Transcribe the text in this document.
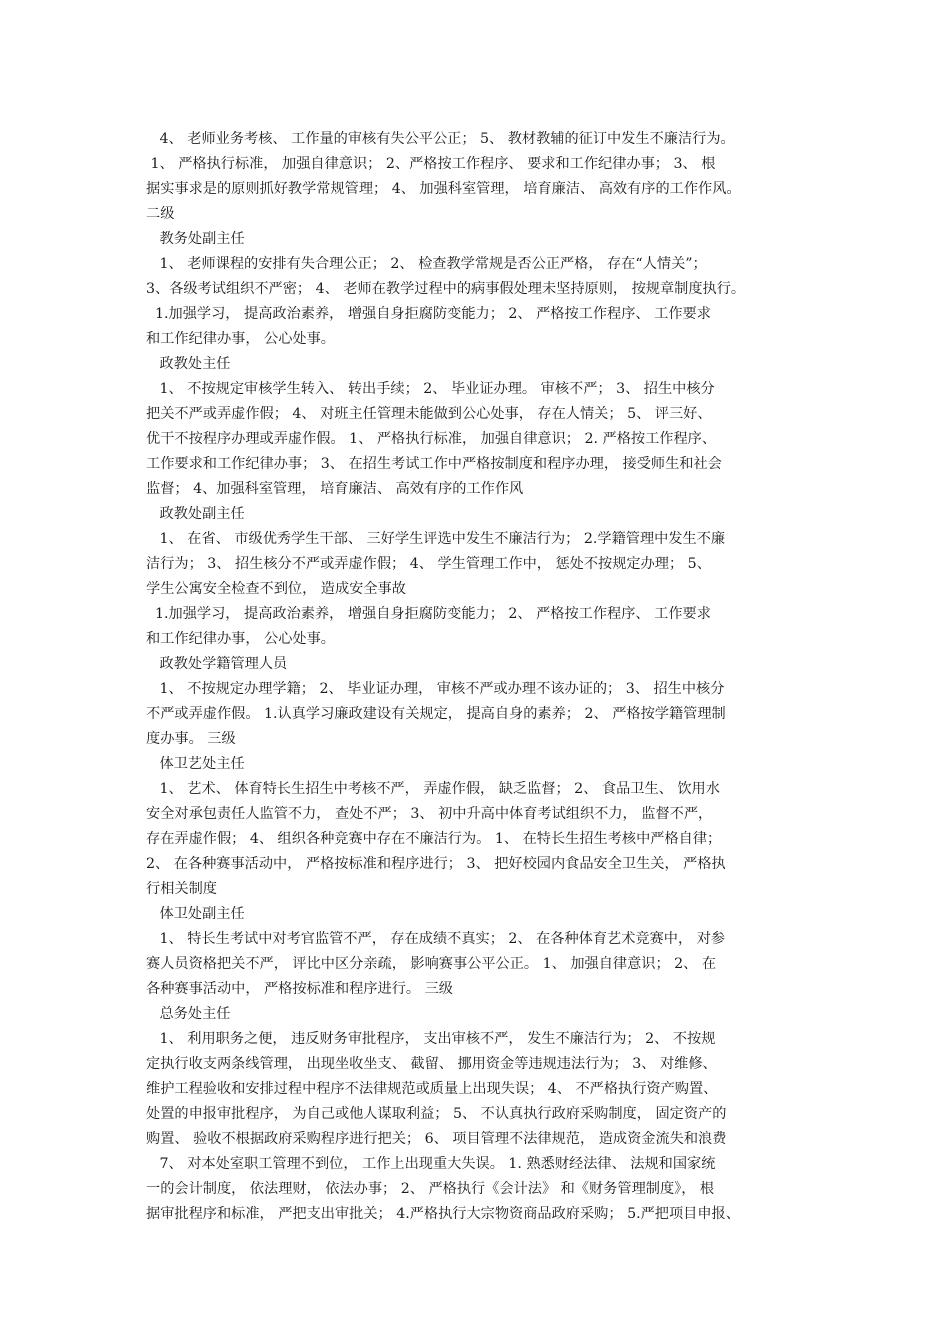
4、 老师业务考核、 工作量的审核有失公平公正； 5、 教材教辅的征订中发生不廉洁行为。
1、 严格执行标准， 加强自律意识； 2、严格按工作程序、 要求和工作纪律办事； 3、 根
据实事求是的原则抓好教学常规管理； 4、 加强科室管理， 培育廉洁、 高效有序的工作作风。
二级
教务处副主任
1、 老师课程的安排有失合理公正； 2、 检查教学常规是否公正严格， 存在“人情关”；
3、各级考试组织不严密； 4、 老师在教学过程中的病事假处理未坚持原则， 按规章制度执行。
1.加强学习， 提高政治素养， 增强自身拒腐防变能力； 2、 严格按工作程序、 工作要求
和工作纪律办事， 公心处事。
政教处主任
1、 不按规定审核学生转入、 转出手续； 2、 毕业证办理。 审核不严； 3、 招生中核分
把关不严或弄虚作假； 4、 对班主任管理未能做到公心处事， 存在人情关； 5、 评三好、
优干不按程序办理或弄虚作假。 1、 严格执行标准， 加强自律意识； 2. 严格按工作程序、
工作要求和工作纪律办事； 3、 在招生考试工作中严格按制度和程序办理， 接受师生和社会
监督； 4、加强科室管理， 培育廉洁、 高效有序的工作作风
政教处副主任
1、 在省、 市级优秀学生干部、 三好学生评选中发生不廉洁行为； 2.学籍管理中发生不廉
洁行为； 3、 招生核分不严或弄虚作假； 4、 学生管理工作中， 惩处不按规定办理； 5、
学生公寓安全检查不到位， 造成安全事故
1.加强学习， 提高政治素养， 增强自身拒腐防变能力； 2、 严格按工作程序、 工作要求
和工作纪律办事， 公心处事。
政教处学籍管理人员
1、 不按规定办理学籍； 2、 毕业证办理， 审核不严或办理不该办证的； 3、 招生中核分
不严或弄虚作假。 1.认真学习廉政建设有关规定， 提高自身的素养； 2、 严格按学籍管理制
度办事。 三级
体卫艺处主任
1、 艺术、 体育特长生招生中考核不严， 弄虚作假， 缺乏监督； 2、 食品卫生、 饮用水
安全对承包责任人监管不力， 查处不严； 3、 初中升高中体育考试组织不力， 监督不严，
存在弄虚作假； 4、 组织各种竞赛中存在不廉洁行为。 1、 在特长生招生考核中严格自律；
2、 在各种赛事活动中， 严格按标准和程序进行； 3、 把好校园内食品安全卫生关， 严格执
行相关制度
体卫处副主任
1、 特长生考试中对考官监管不严， 存在成绩不真实； 2、 在各种体育艺术竞赛中， 对参
赛人员资格把关不严， 评比中区分亲疏， 影响赛事公平公正。 1、 加强自律意识； 2、 在
各种赛事活动中， 严格按标准和程序进行。 三级
总务处主任
1、 利用职务之便， 违反财务审批程序， 支出审核不严， 发生不廉洁行为； 2、 不按规
定执行收支两条线管理， 出现坐收坐支、 截留、 挪用资金等违规违法行为； 3、 对维修、
维护工程验收和安排过程中程序不法律规范或质量上出现失误； 4、 不严格执行资产购置、
处置的申报审批程序， 为自己或他人谋取利益； 5、 不认真执行政府采购制度， 固定资产的
购置、 验收不根据政府采购程序进行把关； 6、 项目管理不法律规范， 造成资金流失和浪费
7、 对本处室职工管理不到位， 工作上出现重大失误。 1. 熟悉财经法律、 法规和国家统
一的会计制度， 依法理财， 依法办事； 2、 严格执行《会计法》 和《财务管理制度》， 根
据审批程序和标准， 严把支出审批关； 4.严格执行大宗物资商品政府采购； 5.严把项目申报、
